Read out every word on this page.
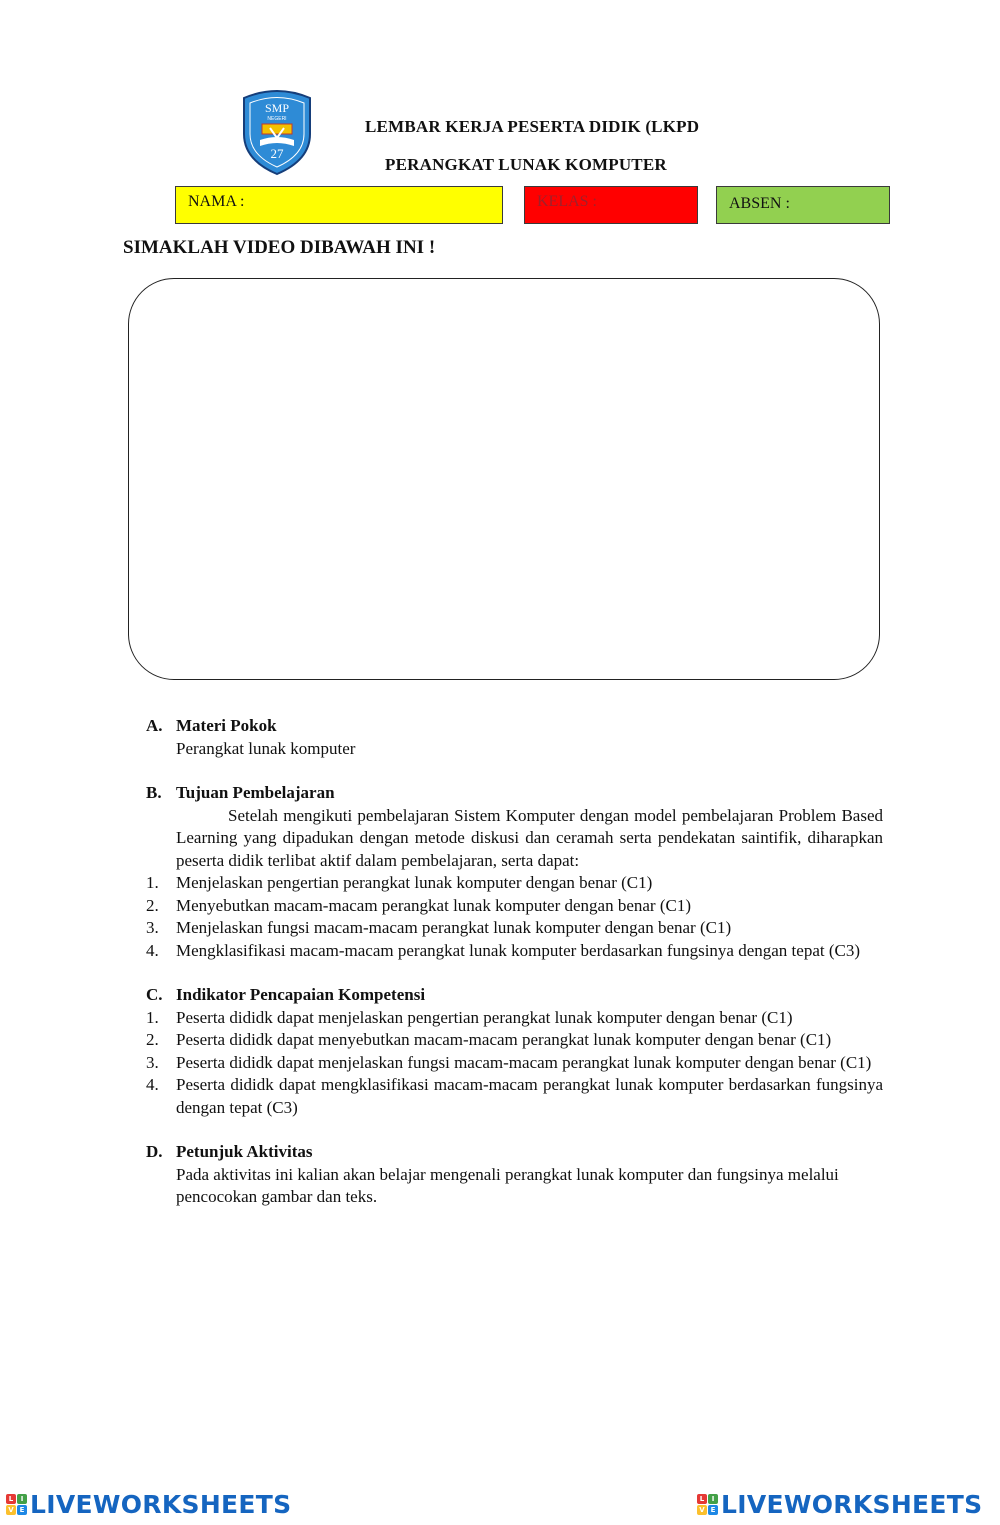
SMP
NEGERI
27
LEMBAR KERJA PESERTA DIDIK (LKPD
PERANGKAT LUNAK KOMPUTER
NAMA :	KELAS :	ABSEN :
SIMAKLAH VIDEO DIBAWAH INI !
A. Materi Pokok
Perangkat lunak komputer
B. Tujuan Pembelajaran
Setelah mengikuti pembelajaran Sistem Komputer dengan model pembelajaran Problem Based Learning yang dipadukan dengan metode diskusi dan ceramah serta pendekatan saintifik, diharapkan peserta didik terlibat aktif dalam pembelajaran, serta dapat:
1.	Menjelaskan pengertian perangkat lunak komputer dengan benar (C1)
2.	Menyebutkan macam-macam perangkat lunak komputer dengan benar (C1)
3.	Menjelaskan fungsi macam-macam perangkat lunak komputer dengan benar (C1)
4.	Mengklasifikasi macam-macam perangkat lunak komputer berdasarkan fungsinya dengan tepat (C3)
C. Indikator Pencapaian Kompetensi
1.	Peserta dididk dapat menjelaskan pengertian perangkat lunak komputer dengan benar (C1)
2.	Peserta dididk dapat menyebutkan macam-macam perangkat lunak komputer dengan benar (C1)
3.	Peserta dididk dapat menjelaskan fungsi macam-macam perangkat lunak komputer dengan benar (C1)
4.	Peserta dididk dapat mengklasifikasi macam-macam perangkat lunak komputer berdasarkan fungsinya dengan tepat (C3)
D. Petunjuk Aktivitas
Pada aktivitas ini kalian akan belajar mengenali perangkat lunak komputer dan fungsinya melalui pencocokan gambar dan teks.
L	I
V E LIVEWORKSHEETS	L	I
V E LIVEWORKSHEETS
